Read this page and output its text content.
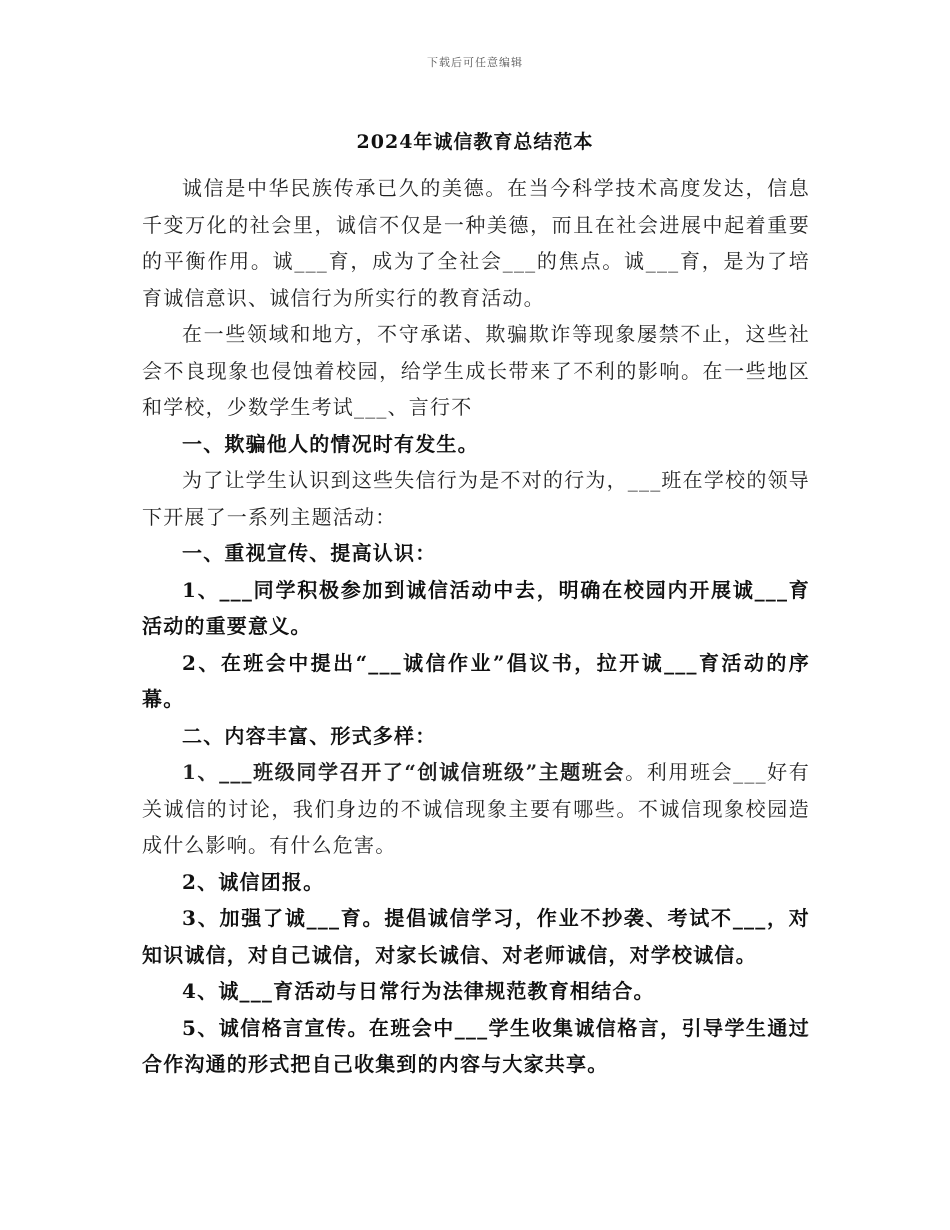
下载后可任意编辑
2024年诚信教育总结范本

诚信是中华民族传承已久的美德。在当今科学技术高度发达，信息千变万化的社会里，诚信不仅是一种美德，而且在社会进展中起着重要的平衡作用。诚___育，成为了全社会___的焦点。诚___育，是为了培育诚信意识、诚信行为所实行的教育活动。

在一些领域和地方，不守承诺、欺骗欺诈等现象屡禁不止，这些社会不良现象也侵蚀着校园，给学生成长带来了不利的影响。在一些地区和学校，少数学生考试___、言行不

一、欺骗他人的情况时有发生。

为了让学生认识到这些失信行为是不对的行为，___班在学校的领导下开展了一系列主题活动：

一、重视宣传、提高认识：

1、___同学积极参加到诚信活动中去，明确在校园内开展诚___育活动的重要意义。

2、在班会中提出“___诚信作业”倡议书，拉开诚___育活动的序幕。

二、内容丰富、形式多样：

1、___班级同学召开了“创诚信班级”主题班会。利用班会___好有关诚信的讨论，我们身边的不诚信现象主要有哪些。不诚信现象校园造成什么影响。有什么危害。

2、诚信团报。

3、加强了诚___育。提倡诚信学习，作业不抄袭、考试不___，对知识诚信，对自己诚信，对家长诚信、对老师诚信，对学校诚信。

4、诚___育活动与日常行为法律规范教育相结合。

5、诚信格言宣传。在班会中___学生收集诚信格言，引导学生通过合作沟通的形式把自己收集到的内容与大家共享。
